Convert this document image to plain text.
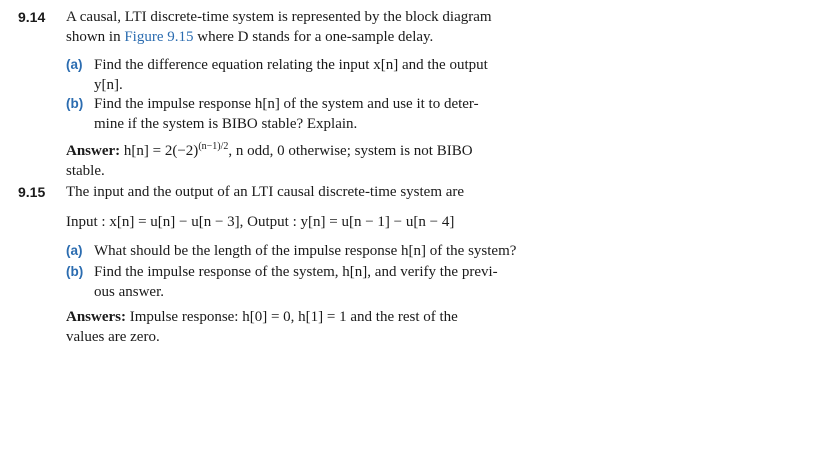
9.14 A causal, LTI discrete-time system is represented by the block diagram
shown in Figure 9.15 where D stands for a one-sample delay.
(a) Find the difference equation relating the input x[n] and the output
y[n].
(b) Find the impulse response h[n] of the system and use it to deter-
mine if the system is BIBO stable? Explain.
Answer: $h[n] = 2(-2)^{(n-1)/2}$, n odd, 0 otherwise; system is not BIBO
stable.
9.15 The input and the output of an LTI causal discrete-time system are
Input : x[n] = u[n] − u[n − 3], Output : y[n] = u[n − 1] − u[n − 4]
(a) What should be the length of the impulse response h[n] of the system?
(b) Find the impulse response of the system, h[n], and verify the previ-
ous answer.
Answers: Impulse response: h[0] = 0, h[1] = 1 and the rest of the
values are zero.
